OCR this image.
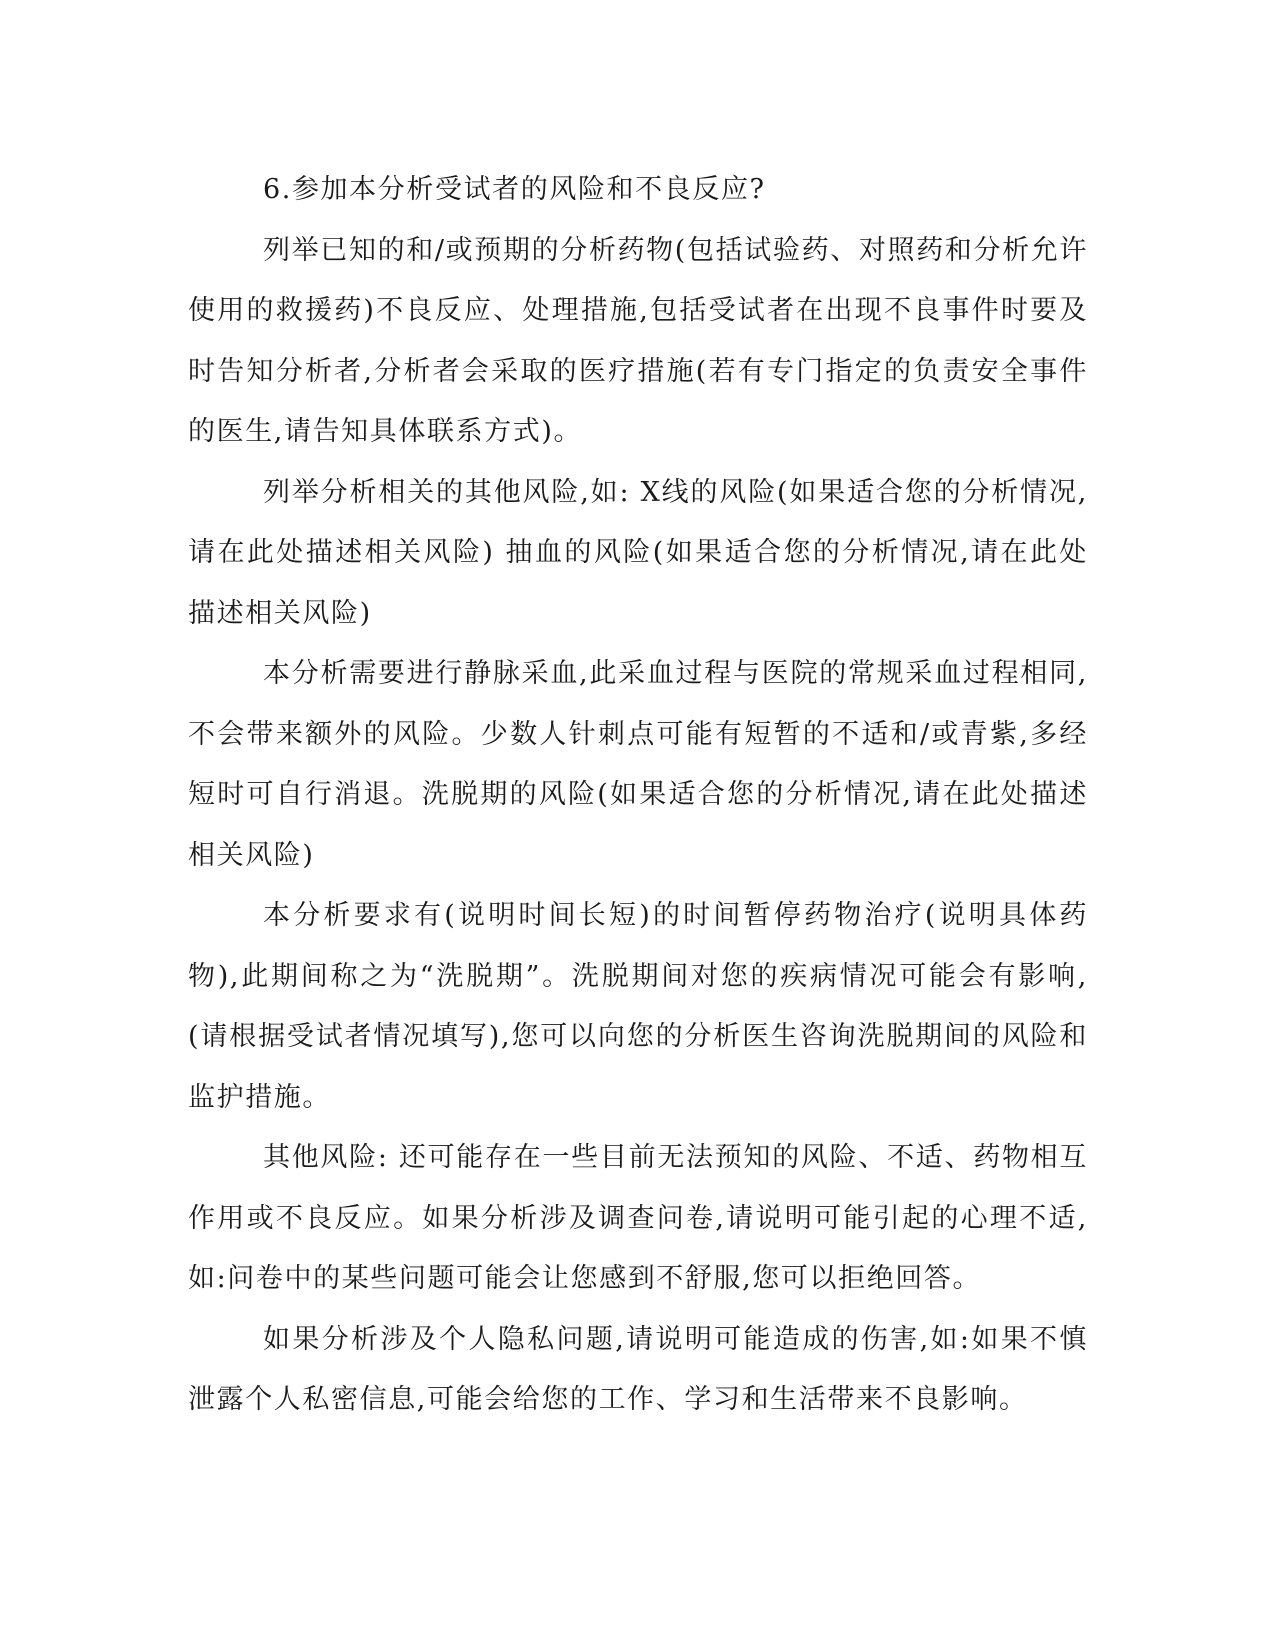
6.参加本分析受试者的风险和不良反应?

列举已知的和/或预期的分析药物(包括试验药、对照药和分析允许使用的救援药)不良反应、处理措施,包括受试者在出现不良事件时要及时告知分析者,分析者会采取的医疗措施(若有专门指定的负责安全事件的医生,请告知具体联系方式)。

列举分析相关的其他风险,如: X线的风险(如果适合您的分析情况,请在此处描述相关风险) 抽血的风险(如果适合您的分析情况,请在此处描述相关风险)

本分析需要进行静脉采血,此采血过程与医院的常规采血过程相同,不会带来额外的风险。少数人针刺点可能有短暂的不适和/或青紫,多经短时可自行消退。洗脱期的风险(如果适合您的分析情况,请在此处描述相关风险)

本分析要求有(说明时间长短)的时间暂停药物治疗(说明具体药物),此期间称之为“洗脱期”。洗脱期间对您的疾病情况可能会有影响,(请根据受试者情况填写),您可以向您的分析医生咨询洗脱期间的风险和监护措施。

其他风险: 还可能存在一些目前无法预知的风险、不适、药物相互作用或不良反应。如果分析涉及调查问卷,请说明可能引起的心理不适,如:问卷中的某些问题可能会让您感到不舒服,您可以拒绝回答。

如果分析涉及个人隐私问题,请说明可能造成的伤害,如:如果不慎泄露个人私密信息,可能会给您的工作、学习和生活带来不良影响。
